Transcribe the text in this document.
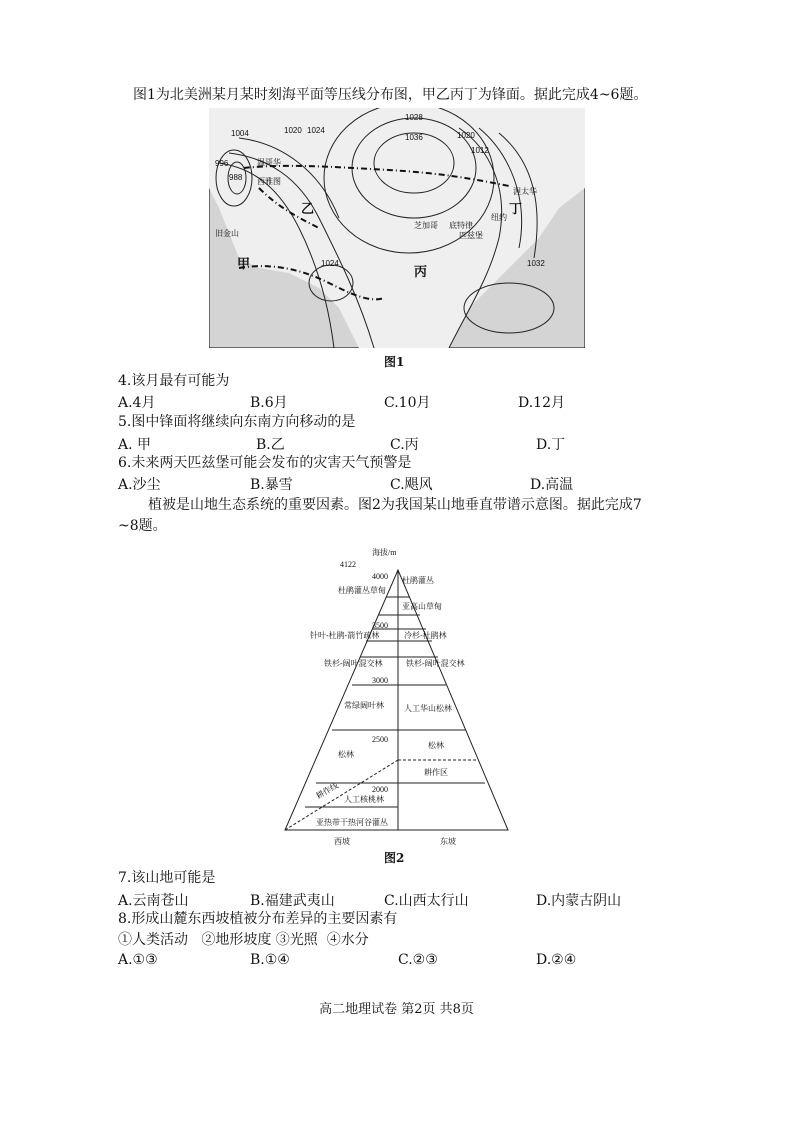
图1为北美洲某月某时刻海平面等压线分布图，甲乙丙丁为锋面。据此完成4~6题。
1028
1036	1020
1012
1004	1020 1024
996
988
1024	1032
温哥华
西雅图
旧金山
芝加哥 底特律
匹兹堡
纽约
渥太华
甲
乙
丙
丁
图1
4.该月最有可能为
A.4月	B.6月	C.10月	D.12月
5.图中锋面将继续向东南方向移动的是
A. 甲	B.乙	C.丙	D.丁
6.未来两天匹兹堡可能会发布的灾害天气预警是
A.沙尘	B.暴雪	C.飓风	D.高温
植被是山地生态系统的重要因素。图2为我国某山地垂直带谱示意图。据此完成7
~8题。
海拔/m
4122
4000
3500
3000
2500
2000
杜鹃灌丛草甸
针叶-杜鹃-箭竹疏林
铁杉-阔叶混交林
常绿阔叶林
松林
人工核桃林
亚热带干热河谷灌丛
杜鹃灌丛
亚高山草甸
冷杉-杜鹃林
铁杉-阔叶混交林
人工华山松林
松林
耕作区
耕作线
西坡	东坡
图2
7.该山地可能是
A.云南苍山	B.福建武夷山	C.山西太行山	D.内蒙古阴山
8.形成山麓东西坡植被分布差异的主要因素有
①人类活动   ②地形坡度 ③光照  ④水分
A.①③	B.①④	C.②③	D.②④
高二地理试卷 第2页 共8页
